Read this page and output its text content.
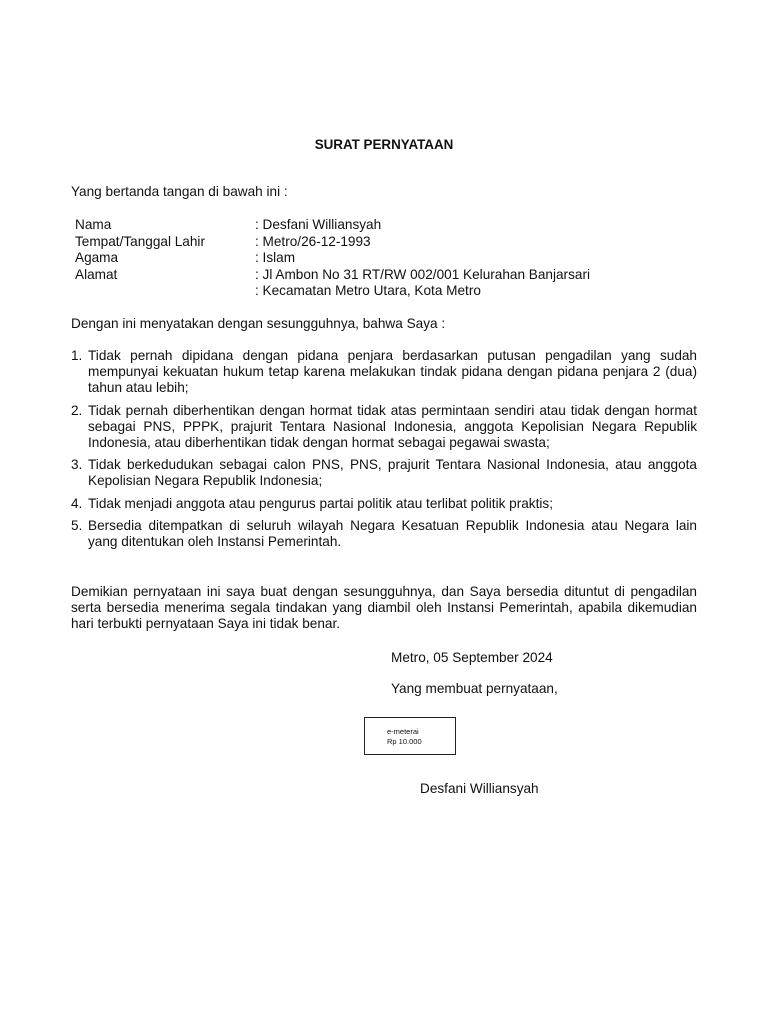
SURAT PERNYATAAN
Yang bertanda tangan di bawah ini :
Nama	: Desfani Williansyah
Tempat/Tanggal Lahir	: Metro/26-12-1993
Agama	: Islam
Alamat	: Jl Ambon No 31 RT/RW 002/001 Kelurahan Banjarsari
: Kecamatan Metro Utara, Kota Metro
Dengan ini menyatakan dengan sesungguhnya, bahwa Saya :
1. Tidak pernah dipidana dengan pidana penjara berdasarkan putusan pengadilan yang sudah mempunyai kekuatan hukum tetap karena melakukan tindak pidana dengan pidana penjara 2 (dua) tahun atau lebih;
2. Tidak pernah diberhentikan dengan hormat tidak atas permintaan sendiri atau tidak dengan hormat sebagai PNS, PPPK, prajurit Tentara Nasional Indonesia, anggota Kepolisian Negara Republik Indonesia, atau diberhentikan tidak dengan hormat sebagai pegawai swasta;
3. Tidak berkedudukan sebagai calon PNS, PNS, prajurit Tentara Nasional Indonesia, atau anggota Kepolisian Negara Republik Indonesia;
4. Tidak menjadi anggota atau pengurus partai politik atau terlibat politik praktis;
5. Bersedia ditempatkan di seluruh wilayah Negara Kesatuan Republik Indonesia atau Negara lain yang ditentukan oleh Instansi Pemerintah.
Demikian pernyataan ini saya buat dengan sesungguhnya, dan Saya bersedia dituntut di pengadilan serta bersedia menerima segala tindakan yang diambil oleh Instansi Pemerintah, apabila dikemudian hari terbukti pernyataan Saya ini tidak benar.
Metro, 05 September 2024
Yang membuat pernyataan,
e-meterai
Rp 10.000
Desfani Williansyah
